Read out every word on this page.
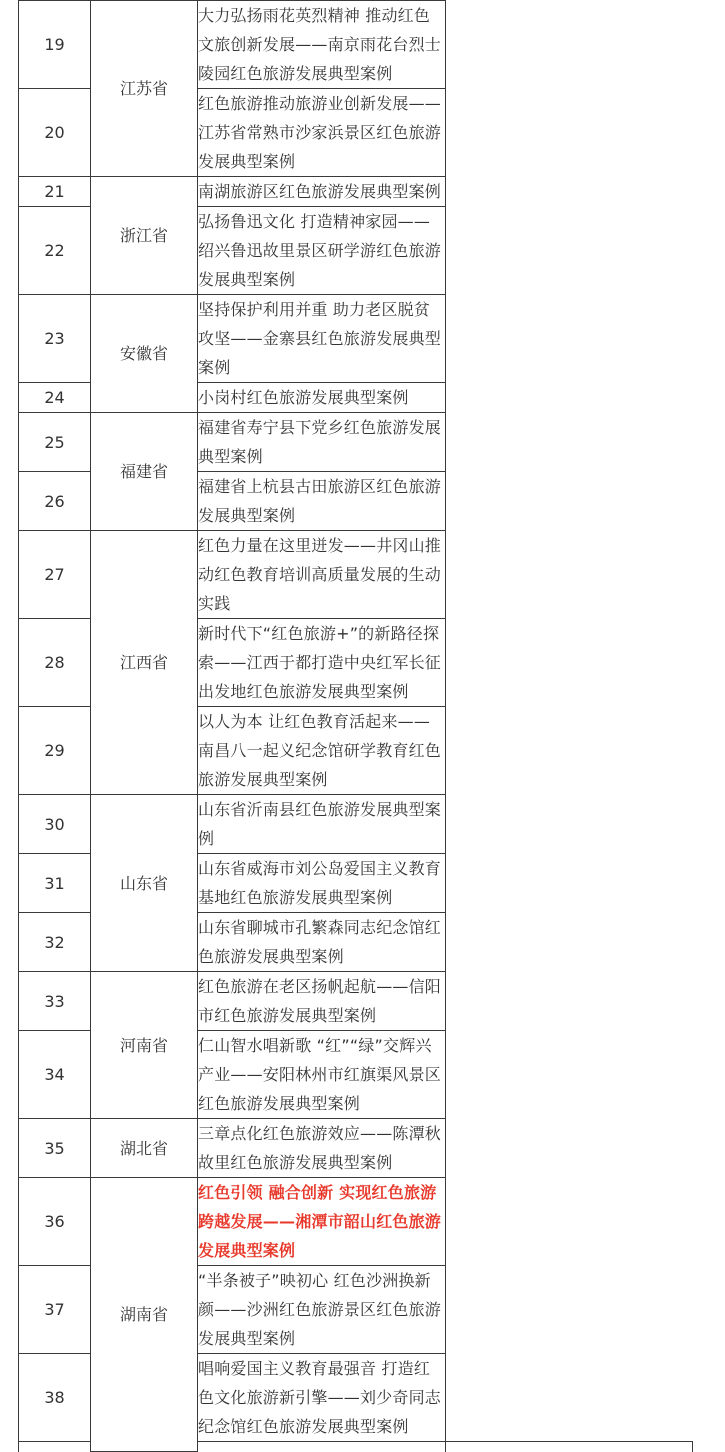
19	江苏省	大力弘扬雨花英烈精神 推动红色文旅创新发展——南京雨花台烈士陵园红色旅游发展典型案例	
20		红色旅游推动旅游业创新发展——江苏省常熟市沙家浜景区红色旅游发展典型案例	
21	浙江省	南湖旅游区红色旅游发展典型案例	
22		弘扬鲁迅文化 打造精神家园——绍兴鲁迅故里景区研学游红色旅游发展典型案例	
23	安徽省	坚持保护利用并重 助力老区脱贫攻坚——金寨县红色旅游发展典型案例	
24		小岗村红色旅游发展典型案例	
25	福建省	福建省寿宁县下党乡红色旅游发展典型案例	
26		福建省上杭县古田旅游区红色旅游发展典型案例	
27	江西省	红色力量在这里迸发——井冈山推动红色教育培训高质量发展的生动实践	
28		新时代下“红色旅游+”的新路径探索——江西于都打造中央红军长征出发地红色旅游发展典型案例	
29		以人为本 让红色教育活起来——南昌八一起义纪念馆研学教育红色旅游发展典型案例	
30	山东省	山东省沂南县红色旅游发展典型案例	
31		山东省威海市刘公岛爱国主义教育基地红色旅游发展典型案例	
32		山东省聊城市孔繁森同志纪念馆红色旅游发展典型案例	
33	河南省	红色旅游在老区扬帆起航——信阳市红色旅游发展典型案例	
34		仁山智水唱新歌 “红”“绿”交辉兴产业——安阳林州市红旗渠风景区红色旅游发展典型案例	
35	湖北省	三章点化红色旅游效应——陈潭秋故里红色旅游发展典型案例	
36	湖南省	红色引领 融合创新 实现红色旅游跨越发展——湘潭市韶山红色旅游发展典型案例	
37		“半条被子”映初心 红色沙洲换新颜——沙洲红色旅游景区红色旅游发展典型案例	
38		唱响爱国主义教育最强音 打造红色文化旅游新引擎——刘少奇同志纪念馆红色旅游发展典型案例	
